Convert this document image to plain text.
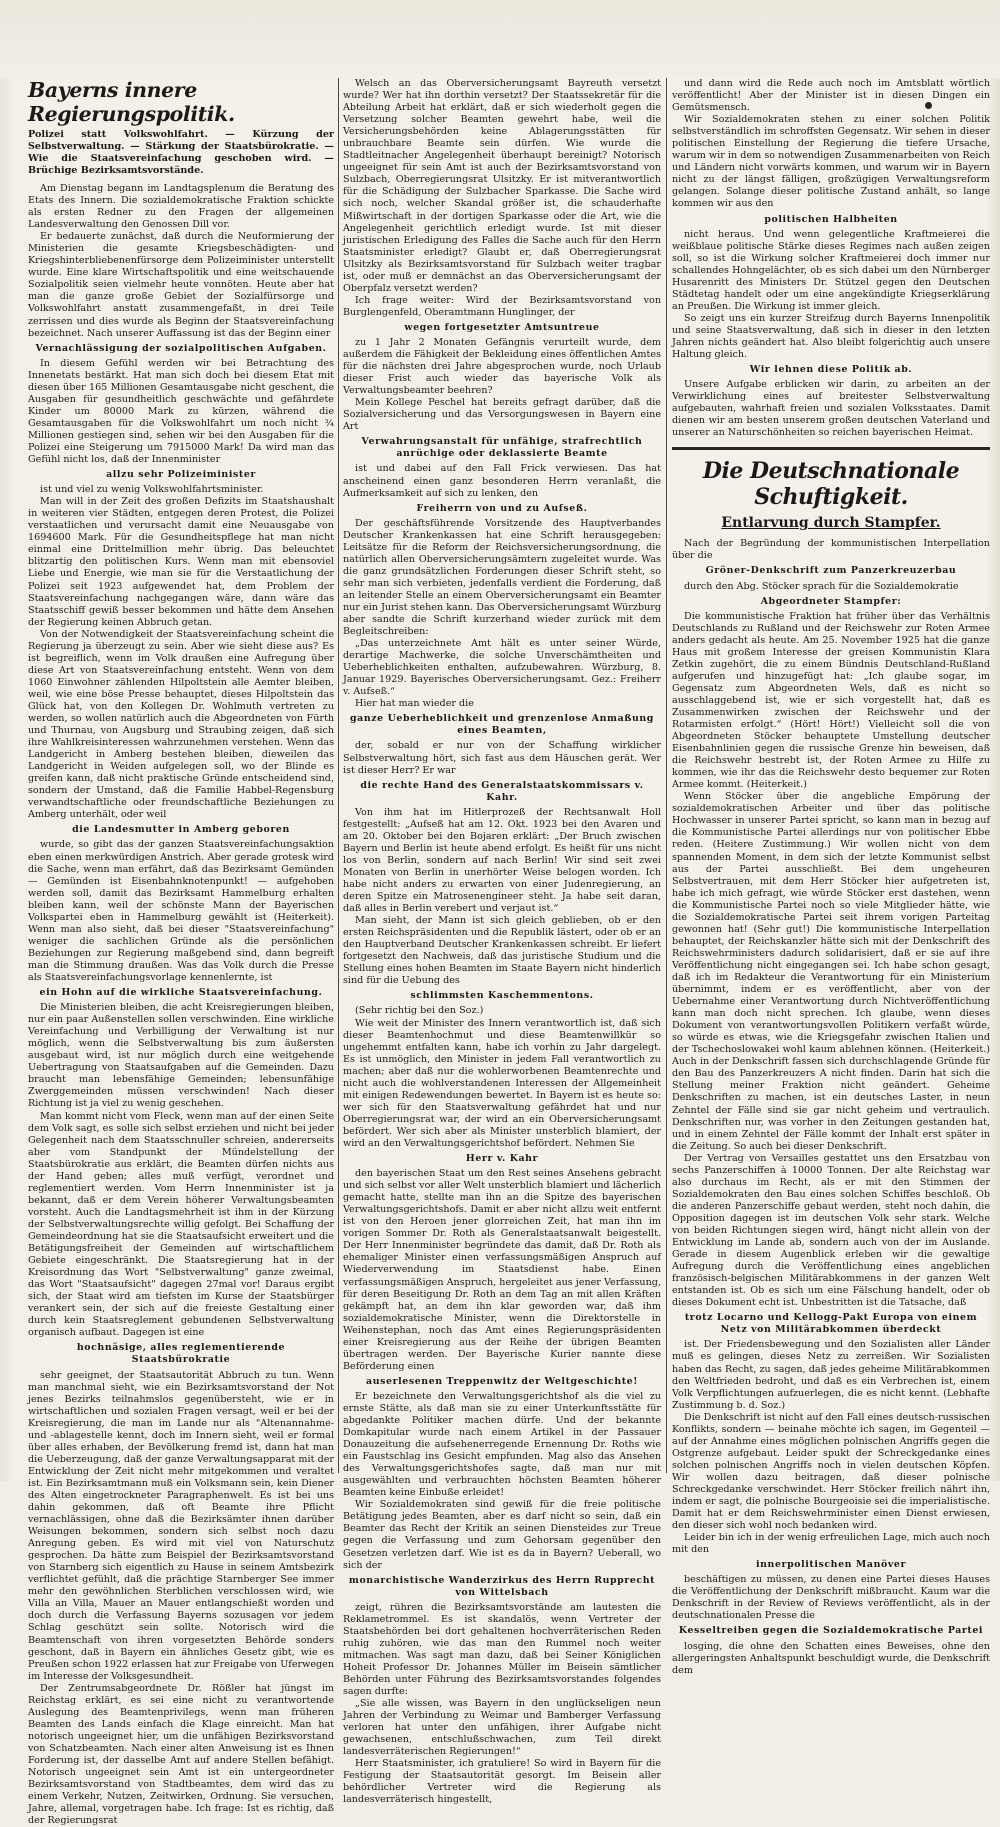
Bayerns innere Regierungspolitik.
Polizei statt Volkswohlfahrt. — Kürzung der Selbstverwaltung. — Stärkung der Staatsbürokratie. — Wie die Staatsvereinfachung geschoben wird. — Brüchige Bezirksamtsvorstände.

Am Dienstag begann im Landtagsplenum die Beratung des Etats des Innern. Die sozialdemokratische Fraktion schickte als ersten Redner zu den Fragen der allgemeinen Landesverwaltung den Genossen Dill vor.

Er bedauerte zunächst, daß durch die Neuformierung der Ministerien die gesamte Kriegsbeschädigten- und Kriegshinterbliebenenfürsorge dem Polizeiminister unterstellt wurde. Eine klare Wirtschaftspolitik und eine weitschauende Sozialpolitik seien vielmehr heute vonnöten. Heute aber hat man die ganze große Gebiet der Sozialfürsorge und Volkswohlfahrt anstatt zusammengefaßt, in drei Teile zerrissen und dies wurde als Beginn der Staatsvereinfachung bezeichnet. Nach unserer Auffassung ist das der Beginn einer

Vernachlässigung der sozialpolitischen Aufgaben.

In diesem Gefühl werden wir bei Betrachtung des Innenetats bestärkt. Hat man sich doch bei diesem Etat mit diesen über 165 Millionen Gesamtausgabe nicht geschent, die Ausgaben für gesundheitlich geschwächte und gefährdete Kinder um 80000 Mark zu kürzen, während die Gesamtausgaben für die Volkswohlfahrt um noch nicht ¾ Millionen gestiegen sind, sehen wir bei den Ausgaben für die Polizei eine Steigerung um 7915000 Mark! Da wird man das Gefühl nicht los, daß der Innenminister

allzu sehr Polizeiminister

ist und viel zu wenig Volkswohlfahrtsminister.

Man will in der Zeit des großen Defizits im Staatshaushalt in weiteren vier Städten, entgegen deren Protest, die Polizei verstaatlichen und verursacht damit eine Neuausgabe von 1694600 Mark. Für die Gesundheitspflege hat man nicht einmal eine Drittelmillion mehr übrig. Das beleuchtet blitzartig den politischen Kurs. Wenn man mit ebensoviel Liebe und Energie, wie man sie für die Verstaatlichung der Polizei seit 1923 aufgewendet hat, dem Problem der Staatsvereinfachung nachgegangen wäre, dann wäre das Staatsschiff gewiß besser bekommen und hätte dem Ansehen der Regierung keinen Abbruch getan.

Von der Notwendigkeit der Staatsvereinfachung scheint die Regierung ja überzeugt zu sein. Aber wie sieht diese aus? Es ist begreiflich, wenn im Volk draußen eine Aufregung über diese Art von Staatsvereinfachung entsteht. Wenn von dem 1060 Einwohner zählenden Hilpoltstein alle Aemter bleiben, weil, wie eine böse Presse behauptet, dieses Hilpoltstein das Glück hat, von den Kollegen Dr. Wohlmuth vertreten zu werden, so wollen natürlich auch die Abgeordneten von Fürth und Thurnau, von Augsburg und Straubing zeigen, daß sich ihre Wahlkreisinteressen wahrzunehmen verstehen. Wenn das Landgericht in Amberg bestehen bleiben, dieweilen das Landgericht in Weiden aufgelegen soll, wo der Blinde es greifen kann, daß nicht praktische Gründe entscheidend sind, sondern der Umstand, daß die Familie Habbel-Regensburg verwandtschaftliche oder freundschaftliche Beziehungen zu Amberg unterhält, oder weil

die Landesmutter in Amberg geboren

wurde, so gibt das der ganzen Staatsvereinfachungsaktion eben einen merkwürdigen Anstrich. Aber gerade grotesk wird die Sache, wenn man erfährt, daß das Bezirksamt Gemünden — Gemünden ist Eisenbahnknotenpunkt! — aufgehoben werden soll, damit das Bezirksamt Hammelburg erhalten bleiben kann, weil der schönste Mann der Bayerischen Volkspartei eben in Hammelburg gewählt ist (Heiterkeit). Wenn man also sieht, daß bei dieser "Staatsvereinfachung" weniger die sachlichen Gründe als die persönlichen Beziehungen zur Regierung maßgebend sind, dann begreift man die Stimmung draußen. Was das Volk durch die Presse als Staatsvereinfachungsvorlage kennenlernte, ist

ein Hohn auf die wirkliche Staatsvereinfachung.

Die Ministerien bleiben, die acht Kreisregierungen bleiben, nur ein paar Außenstellen sollen verschwinden. Eine wirkliche Vereinfachung und Verbilligung der Verwaltung ist nur möglich, wenn die Selbstverwaltung bis zum äußersten ausgebaut wird, ist nur möglich durch eine weitgehende Uebertragung von Staatsaufgaben auf die Gemeinden. Dazu braucht man lebensfähige Gemeinden; lebensunfähige Zwerggemeinden müssen verschwinden! Nach dieser Richtung ist ja viel zu wenig geschehen.

Man kommt nicht vom Fleck, wenn man auf der einen Seite dem Volk sagt, es solle sich selbst erziehen und nicht bei jeder Gelegenheit nach dem Staatsschnuller schreien, andererseits aber vom Standpunkt der Mündelstellung der Staatsbürokratie aus erklärt, die Beamten dürfen nichts aus der Hand geben; alles muß verfügt, verordnet und reglementiert werden. Vom Herrn Innenminister ist ja bekannt, daß er dem Verein höherer Verwaltungsbeamten vorsteht. Auch die Landtagsmehrheit ist ihm in der Kürzung der Selbstverwaltungsrechte willig gefolgt. Bei Schaffung der Gemeindeordnung hat sie die Staatsaufsicht erweitert und die Betätigungsfreiheit der Gemeinden auf wirtschaftlichem Gebiete eingeschränkt. Die Staatsregierung hat in der Kreisordnung das Wort "Selbstverwaltung" ganze zweimal, das Wort "Staatsaufsicht" dagegen 27mal vor! Daraus ergibt sich, der Staat wird am tiefsten im Kurse der Staatsbürger verankert sein, der sich auf die freieste Gestaltung einer durch kein Staatsreglement gebundenen Selbstverwaltung organisch aufbaut. Dagegen ist eine

hochnäsige, alles reglementierende Staatsbürokratie

sehr geeignet, der Staatsautorität Abbruch zu tun. Wenn man manchmal sieht, wie ein Bezirksamtsvorstand der Not jenes Bezirks teilnahmslos gegenübersteht, wie er in wirtschaftlichen und sozialen Fragen versagt, weil er bei der Kreisregierung, die man im Lande nur als "Altenannahme- und -ablagestelle kennt, doch im Innern sieht, weil er formal über alles erhaben, der Bevölkerung fremd ist, dann hat man die Ueberzeugung, daß der ganze Verwaltungsapparat mit der Entwicklung der Zeit nicht mehr mitgekommen und veraltet ist. Ein Bezirksamtmann muß ein Volksmann sein, kein Diener des Alten eingetrockneter Paragraphenwelt. Es ist bei uns dahin gekommen, daß oft Beamte ihre Pflicht vernachlässigen, ohne daß die Bezirksämter ihnen darüber Weisungen bekommen, sondern sich selbst noch dazu Anregung geben. Es wird mit viel von Naturschutz gesprochen. Da hätte zum Beispiel der Bezirksamtsvorstand von Starnberg sich eigentlich zu Hause in seinem Amtsbezirk verflichtet gefühlt, daß die prächtige Starnberger See immer mehr den gewöhnlichen Sterblichen verschlossen wird, wie Villa an Villa, Mauer an Mauer entlangschießt worden und doch durch die Verfassung Bayerns sozusagen vor jedem Schlag geschützt sein sollte. Notorisch wird die Beamtenschaft von ihren vorgesetzten Behörde sonders geschont, daß in Bayern ein ähnliches Gesetz gibt, wie es Preußen schon 1922 erlassen hat zur Freigabe von Uferwegen im Interesse der Volksgesundheit.

Der Zentrumsabgeordnete Dr. Rößler hat jüngst im Reichstag erklärt, es sei eine nicht zu verantwortende Auslegung des Beamtenprivilegs, wenn man früheren Beamten des Lands einfach die Klage einreicht. Man hat notorisch ungeeignet hier, um die unfähigen Bezirksvorstand von Schatzbeamten. Nach einer alten Anweisung ist es Ihnen Forderung ist, der dasselbe Amt auf andere Stellen befähigt. Notorisch ungeeignet sein Amt ist ein untergeordneter Bezirksamtsvorstand von Stadtbeamtes, dem wird das zu einem Verkehr, Nutzen, Zeitwirken, Ordnung. Sie versuchen, Jahre, allemal, vorgetragen habe. Ich frage: Ist es richtig, daß der Regierungsrat

Welsch an das Oberversicherungsamt Bayreuth versetzt wurde? Wer hat ihn dorthin versetzt? Der Staatssekretär für die Abteilung Arbeit hat erklärt, daß er sich wiederholt gegen die Versetzung solcher Beamten gewehrt habe, weil die Versicherungsbehörden keine Ablagerungsstätten für unbrauchbare Beamte sein dürfen. Wie wurde die Stadtleitnacher Angelegenheit überhaupt bereinigt? Notorisch ungeeignet für sein Amt ist auch der Bezirksamtsvorstand von Sulzbach, Oberregierungsrat Ulsitzky. Er ist mitverantwortlich für die Schädigung der Sulzbacher Sparkasse. Die Sache wird sich noch, welcher Skandal größer ist, die schauderhafte Mißwirtschaft in der dortigen Sparkasse oder die Art, wie die Angelegenheit gerichtlich erledigt wurde. Ist mit dieser juristischen Erledigung des Falles die Sache auch für den Herrn Staatsminister erledigt? Glaubt er, daß Oberregierungsrat Ulsitzky als Bezirksamtsvorstand für Sulzbach weiter tragbar ist, oder muß er demnächst an das Oberversicherungsamt der Oberpfalz versetzt werden?

Ich frage weiter: Wird der Bezirksamtsvorstand von Burglengenfeld, Oberamtmann Hunglinger, der

wegen fortgesetzter Amtsuntreue

zu 1 Jahr 2 Monaten Gefängnis verurteilt wurde, dem außerdem die Fähigkeit der Bekleidung eines öffentlichen Amtes für die nächsten drei Jahre abgesprochen wurde, noch Urlaub dieser Frist auch wieder das bayerische Volk als Verwaltungsbeamter beehren?

Mein Kollege Peschel hat bereits gefragt darüber, daß die Sozialversicherung und das Versorgungswesen in Bayern eine Art

Verwahrungsanstalt für unfähige, strafrechtlich anrüchige oder deklassierte Beamte

ist und dabei auf den Fall Frick verwiesen. Das hat anscheinend einen ganz besonderen Herrn veranlaßt, die Aufmerksamkeit auf sich zu lenken, den

Freiherrn von und zu Aufseß.

Der geschäftsführende Vorsitzende des Hauptverbandes Deutscher Krankenkassen hat eine Schrift herausgegeben: Leitsätze für die Reform der Reichsversicherungsordnung, die natürlich allen Oberversicherungsämtern zugeleitet wurde. Was die ganz grundsätzlichen Forderungen dieser Schrift steht, so sehr man sich verbieten, jedenfalls verdient die Forderung, daß an leitender Stelle an einem Oberversicherungsamt ein Beamter nur ein Jurist stehen kann. Das Oberversicherungsamt Würzburg aber sandte die Schrift kurzerhand wieder zurück mit dem Begleitschreiben:

„Das unterzeichnete Amt hält es unter seiner Würde, derartige Machwerke, die solche Unverschämtheiten und Ueberheblichkeiten enthalten, aufzubewahren. Würzburg, 8. Januar 1929. Bayerisches Oberversicherungsamt. Gez.: Freiherr v. Aufseß.“

Hier hat man wieder die

ganze Ueberheblichkeit und grenzenlose Anmaßung eines Beamten,

der, sobald er nur von der Schaffung wirklicher Selbstverwaltung hört, sich fast aus dem Häuschen gerät. Wer ist dieser Herr? Er war

die rechte Hand des Generalstaatskommissars v. Kahr.

Von ihm hat im Hitlerprozeß der Rechtsanwalt Holl festgestellt: „Aufseß hat am 12. Okt. 1923 bei den Avaren und am 20. Oktober bei den Bojaren erklärt: „Der Bruch zwischen Bayern und Berlin ist heute abend erfolgt. Es heißt für uns nicht los von Berlin, sondern auf nach Berlin! Wir sind seit zwei Monaten von Berlin in unerhörter Weise belogen worden. Ich habe nicht anders zu erwarten von einer Judenregierung, an deren Spitze ein Matrosenengineer steht. Ja habe seit daran, daß alles in Berlin verebert und verjaut ist.“

Man sieht, der Mann ist sich gleich geblieben, ob er den ersten Reichspräsidenten und die Republik lästert, oder ob er an den Hauptverband Deutscher Krankenkassen schreibt. Er liefert fortgesetzt den Nachweis, daß das juristische Studium und die Stellung eines hohen Beamten im Staate Bayern nicht hinderlich sind für die Uebung des

schlimmsten Kaschemmentons.

(Sehr richtig bei den Soz.)

Wie weit der Minister des Innern verantwortlich ist, daß sich dieser Beamtenhochmut und diese Beamtenwillkür so ungehemmt entfalten kann, habe ich vorhin zu Jahr dargelegt. Es ist unmöglich, den Minister in jedem Fall verantwortlich zu machen; aber daß nur die wohlerworbenen Beamtenrechte und nicht auch die wohlverstandenen Interessen der Allgemeinheit mit einigen Redewendungen bewertet. In Bayern ist es heute so: wer sich für den Staatsverwaltung gefährdet hat und nur Oberregierungsrat war, der wird an ein Oberversicherungsamt befördert. Wer sich aber als Minister unsterblich blamiert, der wird an den Verwaltungsgerichtshof befördert. Nehmen Sie

Herr v. Kahr

den bayerischen Staat um den Rest seines Ansehens gebracht und sich selbst vor aller Welt unsterblich blamiert und lächerlich gemacht hatte, stellte man ihn an die Spitze des bayerischen Verwaltungsgerichtshofs. Damit er aber nicht allzu weit entfernt ist von den Heroen jener glorreichen Zeit, hat man ihn im vorigen Sommer Dr. Roth als Generalstaatsanwalt beigestellt. Der Herr Innenminister begründete das damit, daß Dr. Roth als ehemaliger Minister einen verfassungsmäßigen Anspruch auf Wiederverwendung im Staatsdienst habe. Einen verfassungsmäßigen Anspruch, hergeleitet aus jener Verfassung, für deren Beseitigung Dr. Roth an dem Tag an mit allen Kräften gekämpft hat, an dem ihn klar geworden war, daß ihm sozialdemokratische Minister, wenn die Direktorstelle in Weihenstephan, noch das Amt eines Regierungspräsidenten einer Kreisregierung aus der Reihe der übrigen Beamten übertragen werden. Der Bayerische Kurier nannte diese Beförderung einen

auserlesenen Treppenwitz der Weltgeschichte!

Er bezeichnete den Verwaltungsgerichtshof als die viel zu ernste Stätte, als daß man sie zu einer Unterkunftsstätte für abgedankte Politiker machen dürfe. Und der bekannte Domkapitular wurde nach einem Artikel in der Passauer Donauzeitung die aufsehenerregende Ernennung Dr. Roths wie ein Faustschlag ins Gesicht empfunden. Mag also das Ansehen des Verwaltungsgerichtshofes sagte, daß man nur mit ausgewählten und verbrauchten höchsten Beamten höherer Beamten keine Einbuße erleidet!

Wir Sozialdemokraten sind gewiß für die freie politische Betätigung jedes Beamten, aber es darf nicht so sein, daß ein Beamter das Recht der Kritik an seinen Diensteides zur Treue gegen die Verfassung und zum Gehorsam gegenüber den Gesetzen verletzen darf. Wie ist es da in Bayern? Ueberall, wo sich der

monarchistische Wanderzirkus des Herrn Rupprecht von Wittelsbach

zeigt, rühren die Bezirksamtsvorstände am lautesten die Reklametrommel. Es ist skandalös, wenn Vertreter der Staatsbehörden bei dort gehaltenen hochverräterischen Reden ruhig zuhören, wie das man den Rummel noch weiter mitmachen. Was sagt man dazu, daß bei Seiner Königlichen Hoheit Professor Dr. Johannes Müller im Beisein sämtlicher Behörden unter Führung des Bezirksamtsvorstandes folgendes sagen durfte:

„Sie alle wissen, was Bayern in den unglückseligen neun Jahren der Verbindung zu Weimar und Bamberger Verfassung verloren hat unter den unfähigen, ihrer Aufgabe nicht gewachsenen, entschlußschwachen, zum Teil direkt landesverräterischen Regierungen!“

Herr Staatsminister, ich gratuliere! So wird in Bayern für die Festigung der Staatsautorität gesorgt. Im Beisein aller behördlicher Vertreter wird die Regierung als landesverräterisch hingestellt,

und dann wird die Rede auch noch im Amtsblatt wörtlich veröffentlicht! Aber der Minister ist in diesen Dingen ein Gemütsmensch.

Wir Sozialdemokraten stehen zu einer solchen Politik selbstverständlich im schroffsten Gegensatz. Wir sehen in dieser politischen Einstellung der Regierung die tiefere Ursache, warum wir in dem so notwendigen Zusammenarbeiten von Reich und Ländern nicht vorwärts kommen, und warum wir in Bayern nicht zu der längst fälligen, großzügigen Verwaltungsreform gelangen. Solange dieser politische Zustand anhält, so lange kommen wir aus den

politischen Halbheiten

nicht heraus. Und wenn gelegentliche Kraftmeierei die weißblaue politische Stärke dieses Regimes nach außen zeigen soll, so ist die Wirkung solcher Kraftmeierei doch immer nur schallendes Hohngelächter, ob es sich dabei um den Nürnberger Husarenritt des Ministers Dr. Stützel gegen den Deutschen Städtetag handelt oder um eine angekündigte Kriegserklärung an Preußen. Die Wirkung ist immer gleich.

So zeigt uns ein kurzer Streifzug durch Bayerns Innenpolitik und seine Staatsverwaltung, daß sich in dieser in den letzten Jahren nichts geändert hat. Also bleibt folgerichtig auch unsere Haltung gleich.

Wir lehnen diese Politik ab.

Unsere Aufgabe erblicken wir darin, zu arbeiten an der Verwirklichung eines auf breitester Selbstverwaltung aufgebauten, wahrhaft freien und sozialen Volksstaates. Damit dienen wir am besten unserem großen deutschen Vaterland und unserer an Naturschönheiten so reichen bayerischen Heimat.

Die Deutschnationale Schuftigkeit.
Entlarvung durch Stampfer.

Nach der Begründung der kommunistischen Interpellation über die

Gröner-Denkschrift zum Panzerkreuzerbau

durch den Abg. Stöcker sprach für die Sozialdemokratie

Abgeordneter Stampfer:

Die kommunistische Fraktion hat früher über das Verhältnis Deutschlands zu Rußland und der Reichswehr zur Roten Armee anders gedacht als heute. Am 25. November 1925 hat die ganze Haus mit großem Interesse der greisen Kommunistin Klara Zetkin zugehört, die zu einem Bündnis Deutschland-Rußland aufgerufen und hinzugefügt hat: „Ich glaube sogar, im Gegensatz zum Abgeordneten Wels, daß es nicht so ausschlaggebend ist, wie er sich vorgestellt hat, daß es Zusammenwirken zwischen der Reichswehr und der Rotarmisten erfolgt.“ (Hört! Hört!) Vielleicht soll die von Abgeordneten Stöcker behauptete Umstellung deutscher Eisenbahnlinien gegen die russische Grenze hin beweisen, daß die Reichswehr bestrebt ist, der Roten Armee zu Hilfe zu kommen, wie ihr das die Reichswehr desto bequemer zur Roten Armee kommt. (Heiterkeit.)

Wenn Stöcker über die angebliche Empörung der sozialdemokratischen Arbeiter und über das politische Hochwasser in unserer Partei spricht, so kann man in bezug auf die Kommunistische Partei allerdings nur von politischer Ebbe reden. (Heitere Zustimmung.) Wir wollen nicht von dem spannenden Moment, in dem sich der letzte Kommunist selbst aus der Partei ausschließt. Bei dem ungeheuren Selbstvertrauen, mit dem Herr Stöcker hier aufgetreten ist, habe ich mich gefragt, wie würde Stöcker erst dastehen, wenn die Kommunistische Partei noch so viele Mitglieder hätte, wie die Sozialdemokratische Partei seit ihrem vorigen Parteitag gewonnen hat! (Sehr gut!) Die kommunistische Interpellation behauptet, der Reichskanzler hätte sich mit der Denkschrift des Reichswehrministers dadurch solidarisiert, daß er sie auf ihre Veröffentlichung nicht eingegangen sei. Ich habe schon gesagt, daß ich im Redakteur die Verantwortung für ein Ministerium übernimmt, indem er es veröffentlicht, aber von der Uebernahme einer Verantwortung durch Nichtveröffentlichung kann man doch nicht sprechen. Ich glaube, wenn dieses Dokument von verantwortungsvollen Politikern verfaßt würde, so würde es etwas, wie die Kriegsgefahr zwischen Italien und der Tschechoslowakei wohl kaum ablehnen können. (Heiterkeit.) Auch in der Denkschrift fassen sich durchschlagende Gründe für den Bau des Panzerkreuzers A nicht finden. Darin hat sich die Stellung meiner Fraktion nicht geändert. Geheime Denkschriften zu machen, ist ein deutsches Laster, in neun Zehntel der Fälle sind sie gar nicht geheim und vertraulich. Denkschriften nur, was vorher in den Zeitungen gestanden hat, und in einem Zehntel der Fälle kommt der Inhalt erst später in die Zeitung. So auch bei dieser Denkschrift.

Der Vertrag von Versailles gestattet uns den Ersatzbau von sechs Panzerschiffen à 10000 Tonnen. Der alte Reichstag war also durchaus im Recht, als er mit den Stimmen der Sozialdemokraten den Bau eines solchen Schiffes beschloß. Ob die anderen Panzerschiffe gebaut werden, steht noch dahin, die Opposition dagegen ist im deutschen Volk sehr stark. Welche von beiden Richtungen siegen wird, hängt nicht allein von der Entwicklung im Lande ab, sondern auch von der im Auslande. Gerade in diesem Augenblick erleben wir die gewaltige Aufregung durch die Veröffentlichung eines angeblichen französisch-belgischen Militärabkommens in der ganzen Welt entstanden ist. Ob es sich um eine Fälschung handelt, oder ob dieses Dokument echt ist. Unbestritten ist die Tatsache, daß

trotz Locarno und Kellogg-Pakt Europa von einem Netz von Militärabkommen überdeckt

ist. Der Friedensbewegung und den Sozialisten aller Länder muß es gelingen, dieses Netz zu zerreißen. Wir Sozialisten haben das Recht, zu sagen, daß jedes geheime Militärabkommen den Weltfrieden bedroht, und daß es ein Verbrechen ist, einem Volk Verpflichtungen aufzuerlegen, die es nicht kennt. (Lebhafte Zustimmung b. d. Soz.)

Die Denkschrift ist nicht auf den Fall eines deutsch-russischen Konflikts, sondern — beinahe möchte ich sagen, im Gegenteil — auf der Annahme eines möglichen polnischen Angriffs gegen die Ostgrenze aufgebaut. Leider spukt der Schreckgedanke eines solchen polnischen Angriffs noch in vielen deutschen Köpfen. Wir wollen dazu beitragen, daß dieser polnische Schreckgedanke verschwindet. Herr Stöcker freilich nährt ihn, indem er sagt, die polnische Bourgeoisie sei die imperialistische. Damit hat er dem Reichswehrminister einen Dienst erwiesen, den dieser sich wohl noch bedanken wird.

Leider bin ich in der wenig erfreulichen Lage, mich auch noch mit den

innerpolitischen Manöver

beschäftigen zu müssen, zu denen eine Partei dieses Hauses die Veröffentlichung der Denkschrift mißbraucht. Kaum war die Denkschrift in der Review of Reviews veröffentlicht, als in der deutschnationalen Presse die

Kesseltreiben gegen die Sozialdemokratische Partei

losging, die ohne den Schatten eines Beweises, ohne den allergeringsten Anhaltspunkt beschuldigt wurde, die Denkschrift dem
